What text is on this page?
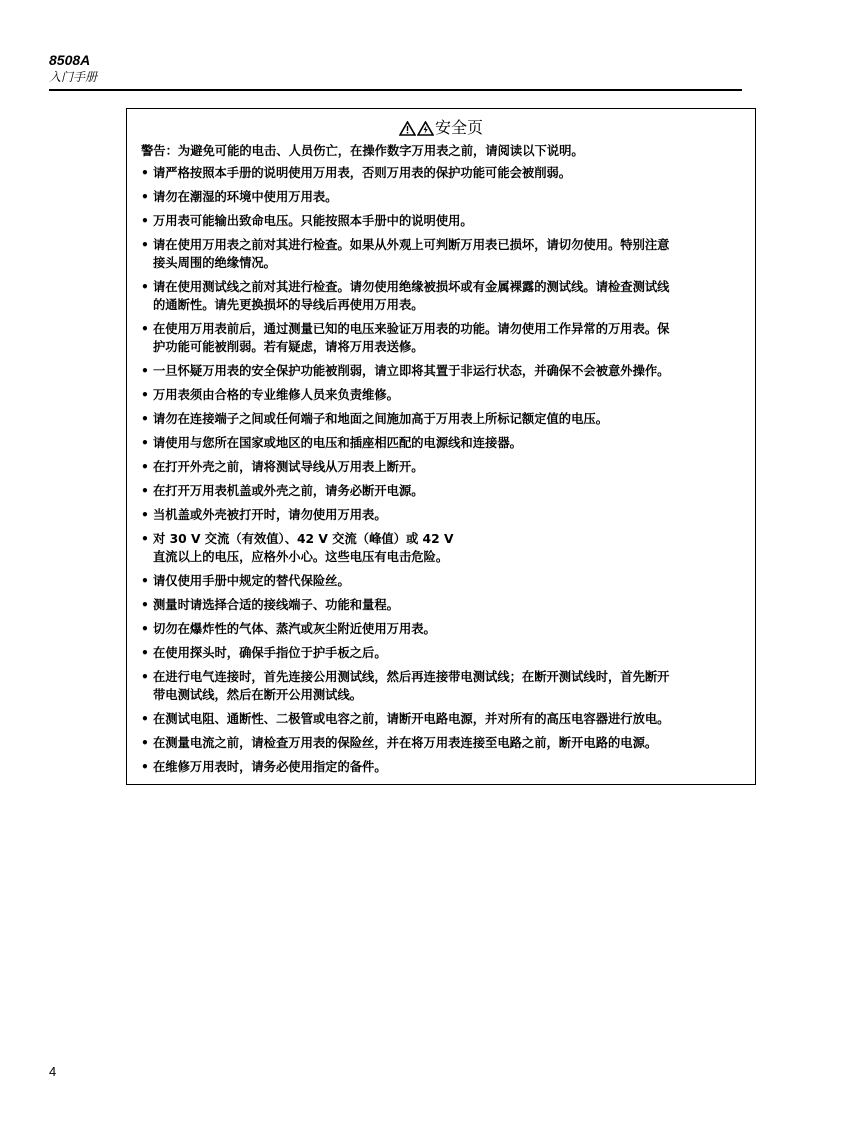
8508A
入门手册
安全页
警告：为避免可能的电击、人员伤亡，在操作数字万用表之前，请阅读以下说明。
• 请严格按照本手册的说明使用万用表，否则万用表的保护功能可能会被削弱。
• 请勿在潮湿的环境中使用万用表。
• 万用表可能输出致命电压。只能按照本手册中的说明使用。
• 请在使用万用表之前对其进行检查。如果从外观上可判断万用表已损坏，请切勿使用。特别注意
接头周围的绝缘情况。
• 请在使用测试线之前对其进行检查。请勿使用绝缘被损坏或有金属裸露的测试线。请检查测试线
的通断性。请先更换损坏的导线后再使用万用表。
• 在使用万用表前后，通过测量已知的电压来验证万用表的功能。请勿使用工作异常的万用表。保
护功能可能被削弱。若有疑虑，请将万用表送修。
• 一旦怀疑万用表的安全保护功能被削弱，请立即将其置于非运行状态，并确保不会被意外操作。
• 万用表须由合格的专业维修人员来负责维修。
• 请勿在连接端子之间或任何端子和地面之间施加高于万用表上所标记额定值的电压。
• 请使用与您所在国家或地区的电压和插座相匹配的电源线和连接器。
• 在打开外壳之前，请将测试导线从万用表上断开。
• 在打开万用表机盖或外壳之前，请务必断开电源。
• 当机盖或外壳被打开时，请勿使用万用表。
• 对 30 V 交流（有效值）、42 V 交流（峰值）或 42 V
直流以上的电压，应格外小心。这些电压有电击危险。
• 请仅使用手册中规定的替代保险丝。
• 测量时请选择合适的接线端子、功能和量程。
• 切勿在爆炸性的气体、蒸汽或灰尘附近使用万用表。
• 在使用探头时，确保手指位于护手板之后。
• 在进行电气连接时，首先连接公用测试线，然后再连接带电测试线；在断开测试线时，首先断开
带电测试线，然后在断开公用测试线。
• 在测试电阻、通断性、二极管或电容之前，请断开电路电源，并对所有的高压电容器进行放电。
• 在测量电流之前，请检查万用表的保险丝，并在将万用表连接至电路之前，断开电路的电源。
• 在维修万用表时，请务必使用指定的备件。
4
